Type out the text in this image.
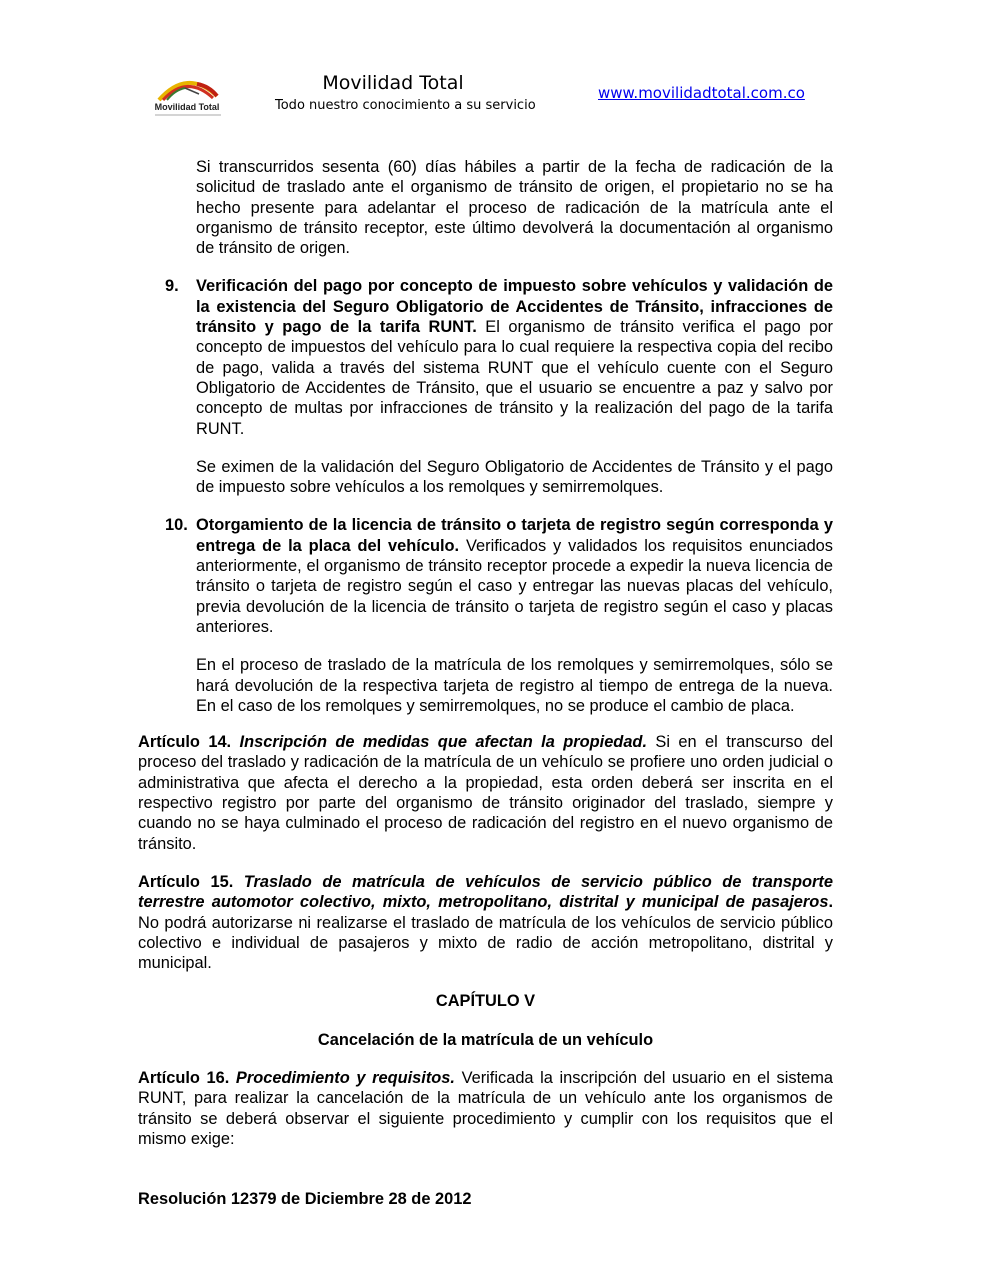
Movilidad Total
Movilidad Total
Todo nuestro conocimiento a su servicio
www.movilidadtotal.com.co

Si transcurridos sesenta (60) días hábiles a partir de la fecha de radicación de la solicitud de traslado ante el organismo de tránsito de origen, el propietario no se ha hecho presente para adelantar el proceso de radicación de la matrícula ante el organismo de tránsito receptor, este último devolverá la documentación al organismo de tránsito de origen.

9. Verificación del pago por concepto de impuesto sobre vehículos y validación de la existencia del Seguro Obligatorio de Accidentes de Tránsito, infracciones de tránsito y pago de la tarifa RUNT. El organismo de tránsito verifica el pago por concepto de impuestos del vehículo para lo cual requiere la respectiva copia del recibo de pago, valida a través del sistema RUNT que el vehículo cuente con el Seguro Obligatorio de Accidentes de Tránsito, que el usuario se encuentre a paz y salvo por concepto de multas por infracciones de tránsito y la realización del pago de la tarifa RUNT.

Se eximen de la validación del Seguro Obligatorio de Accidentes de Tránsito y el pago de impuesto sobre vehículos a los remolques y semirremolques.

10. Otorgamiento de la licencia de tránsito o tarjeta de registro según corresponda y entrega de la placa del vehículo. Verificados y validados los requisitos enunciados anteriormente, el organismo de tránsito receptor procede a expedir la nueva licencia de tránsito o tarjeta de registro según el caso y entregar las nuevas placas del vehículo, previa devolución de la licencia de tránsito o tarjeta de registro según el caso y placas anteriores.

En el proceso de traslado de la matrícula de los remolques y semirremolques, sólo se hará devolución de la respectiva tarjeta de registro al tiempo de entrega de la nueva. En el caso de los remolques y semirremolques, no se produce el cambio de placa.

Artículo 14. Inscripción de medidas que afectan la propiedad. Si en el transcurso del proceso del traslado y radicación de la matrícula de un vehículo se profiere uno orden judicial o administrativa que afecta el derecho a la propiedad, esta orden deberá ser inscrita en el respectivo registro por parte del organismo de tránsito originador del traslado, siempre y cuando no se haya culminado el proceso de radicación del registro en el nuevo organismo de tránsito.

Artículo 15. Traslado de matrícula de vehículos de servicio público de transporte terrestre automotor colectivo, mixto, metropolitano, distrital y municipal de pasajeros. No podrá autorizarse ni realizarse el traslado de matrícula de los vehículos de servicio público colectivo e individual de pasajeros y mixto de radio de acción metropolitano, distrital y municipal.

CAPÍTULO V

Cancelación de la matrícula de un vehículo

Artículo 16. Procedimiento y requisitos. Verificada la inscripción del usuario en el sistema RUNT, para realizar la cancelación de la matrícula de un vehículo ante los organismos de tránsito se deberá observar el siguiente procedimiento y cumplir con los requisitos que el mismo exige:

Resolución 12379 de Diciembre 28 de 2012
